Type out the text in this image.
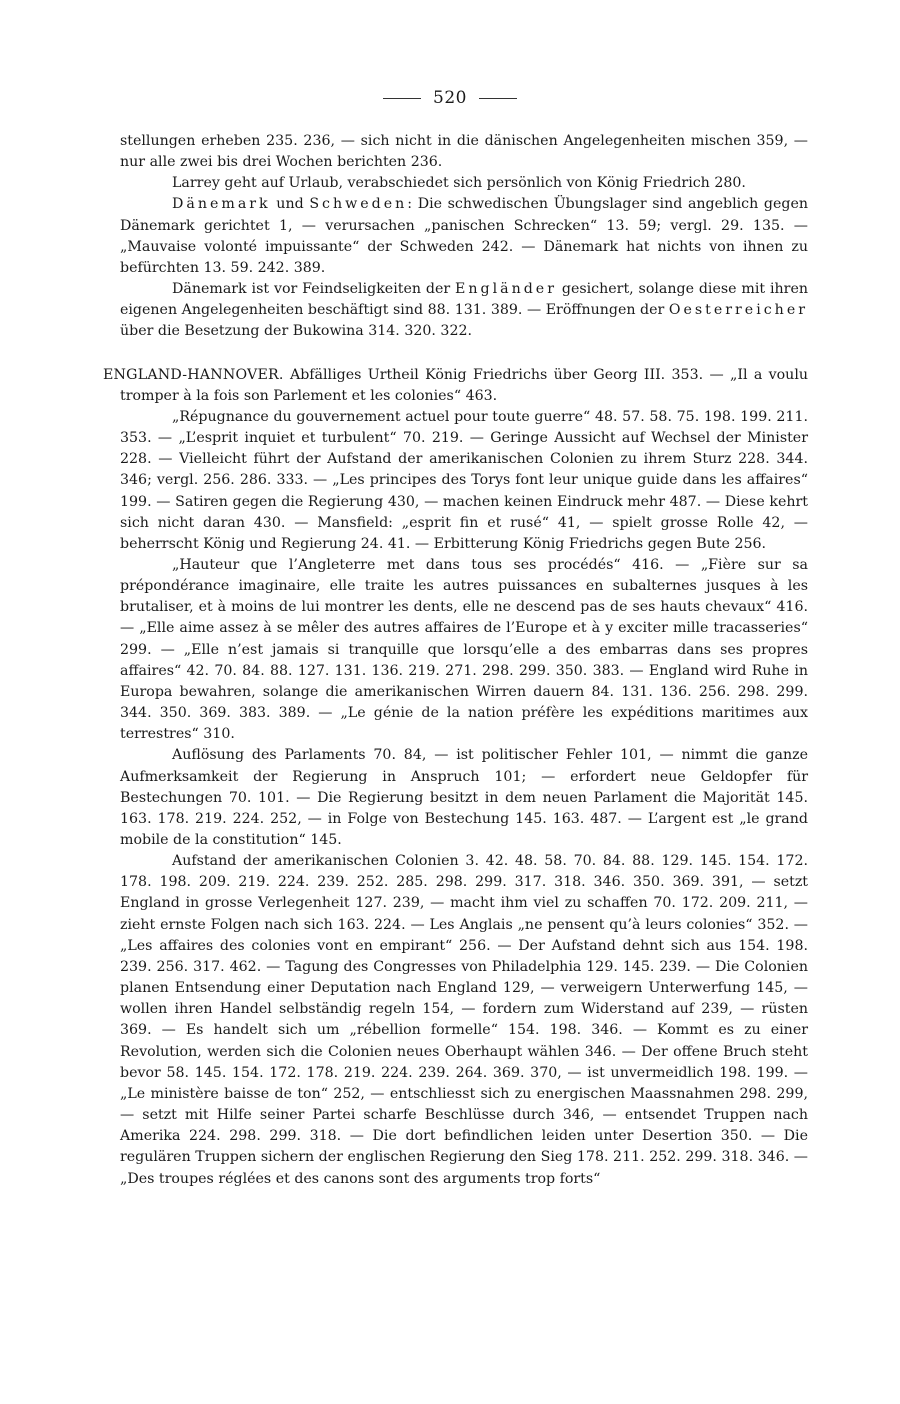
520

stellungen erheben 235. 236, — sich nicht in die dänischen Angelegenheiten mischen 359, — nur alle zwei bis drei Wochen berichten 236.

Larrey geht auf Urlaub, verabschiedet sich persönlich von König Friedrich 280.

Dänemark und Schweden: Die schwedischen Übungslager sind angeblich gegen Dänemark gerichtet 1, — verursachen „panischen Schrecken“ 13. 59; vergl. 29. 135. — „Mauvaise volonté impuissante“ der Schweden 242. — Dänemark hat nichts von ihnen zu befürchten 13. 59. 242. 389.

Dänemark ist vor Feindseligkeiten der Engländer gesichert, solange diese mit ihren eigenen Angelegenheiten beschäftigt sind 88. 131. 389. — Eröffnungen der Oesterreicher über die Besetzung der Bukowina 314. 320. 322.

ENGLAND-HANNOVER. Abfälliges Urtheil König Friedrichs über Georg III. 353. — „Il a voulu tromper à la fois son Parlement et les colonies“ 463.

„Répugnance du gouvernement actuel pour toute guerre“ 48. 57. 58. 75. 198. 199. 211. 353. — „L’esprit inquiet et turbulent“ 70. 219. — Geringe Aussicht auf Wechsel der Minister 228. — Vielleicht führt der Aufstand der amerikanischen Colonien zu ihrem Sturz 228. 344. 346; vergl. 256. 286. 333. — „Les principes des Torys font leur unique guide dans les affaires“ 199. — Satiren gegen die Regierung 430, — machen keinen Eindruck mehr 487. — Diese kehrt sich nicht daran 430. — Mansfield: „esprit fin et rusé“ 41, — spielt grosse Rolle 42, — beherrscht König und Regierung 24. 41. — Erbitterung König Friedrichs gegen Bute 256.

„Hauteur que l’Angleterre met dans tous ses procédés“ 416. — „Fière sur sa prépondérance imaginaire, elle traite les autres puissances en subalternes jusques à les brutaliser, et à moins de lui montrer les dents, elle ne descend pas de ses hauts chevaux“ 416. — „Elle aime assez à se mêler des autres affaires de l’Europe et à y exciter mille tracasseries“ 299. — „Elle n’est jamais si tranquille que lorsqu’elle a des embarras dans ses propres affaires“ 42. 70. 84. 88. 127. 131. 136. 219. 271. 298. 299. 350. 383. — England wird Ruhe in Europa bewahren, solange die amerikanischen Wirren dauern 84. 131. 136. 256. 298. 299. 344. 350. 369. 383. 389. — „Le génie de la nation préfère les expéditions maritimes aux terrestres“ 310.

Auflösung des Parlaments 70. 84, — ist politischer Fehler 101, — nimmt die ganze Aufmerksamkeit der Regierung in Anspruch 101; — erfordert neue Geldopfer für Bestechungen 70. 101. — Die Regierung besitzt in dem neuen Parlament die Majorität 145. 163. 178. 219. 224. 252, — in Folge von Bestechung 145. 163. 487. — L’argent est „le grand mobile de la constitution“ 145.

Aufstand der amerikanischen Colonien 3. 42. 48. 58. 70. 84. 88. 129. 145. 154. 172. 178. 198. 209. 219. 224. 239. 252. 285. 298. 299. 317. 318. 346. 350. 369. 391, — setzt England in grosse Verlegenheit 127. 239, — macht ihm viel zu schaffen 70. 172. 209. 211, — zieht ernste Folgen nach sich 163. 224. — Les Anglais „ne pensent qu’à leurs colonies“ 352. — „Les affaires des colonies vont en empirant“ 256. — Der Aufstand dehnt sich aus 154. 198. 239. 256. 317. 462. — Tagung des Congresses von Philadelphia 129. 145. 239. — Die Colonien planen Entsendung einer Deputation nach England 129, — verweigern Unterwerfung 145, — wollen ihren Handel selbständig regeln 154, — fordern zum Widerstand auf 239, — rüsten 369. — Es handelt sich um „rébellion formelle“ 154. 198. 346. — Kommt es zu einer Revolution, werden sich die Colonien neues Oberhaupt wählen 346. — Der offene Bruch steht bevor 58. 145. 154. 172. 178. 219. 224. 239. 264. 369. 370, — ist unvermeidlich 198. 199. — „Le ministère baisse de ton“ 252, — entschliesst sich zu energischen Maassnahmen 298. 299, — setzt mit Hilfe seiner Partei scharfe Beschlüsse durch 346, — entsendet Truppen nach Amerika 224. 298. 299. 318. — Die dort befindlichen leiden unter Desertion 350. — Die regulären Truppen sichern der englischen Regierung den Sieg 178. 211. 252. 299. 318. 346. — „Des troupes réglées et des canons sont des arguments trop forts“
